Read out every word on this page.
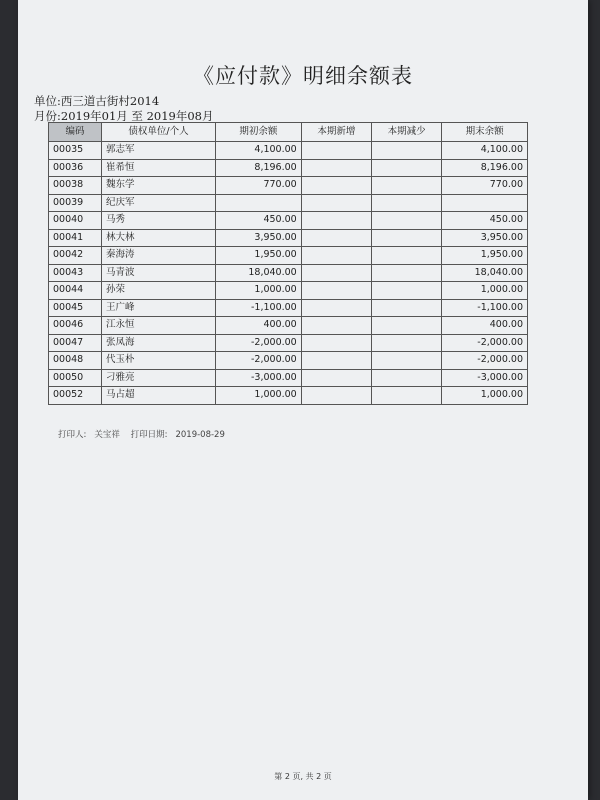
《应付款》明细余额表
单位:西三道古街村2014
月份:2019年01月 至 2019年08月
编码	债权单位/个人	期初余额	本期新增	本期减少	期末余额
00035	郭志军	4,100.00			4,100.00
00036	崔希恒	8,196.00			8,196.00
00038	魏东学	770.00			770.00
00039	纪庆军				
00040	马秀	450.00			450.00
00041	林大林	3,950.00			3,950.00
00042	秦海涛	1,950.00			1,950.00
00043	马青波	18,040.00			18,040.00
00044	孙荣	1,000.00			1,000.00
00045	王广峰	-1,100.00			-1,100.00
00046	江永恒	400.00			400.00
00047	张凤海	-2,000.00			-2,000.00
00048	代玉朴	-2,000.00			-2,000.00
00050	刁雅亮	-3,000.00			-3,000.00
00052	马占超	1,000.00			1,000.00
打印人: 关宝祥 打印日期: 2019-08-29
第 2 页, 共 2 页
